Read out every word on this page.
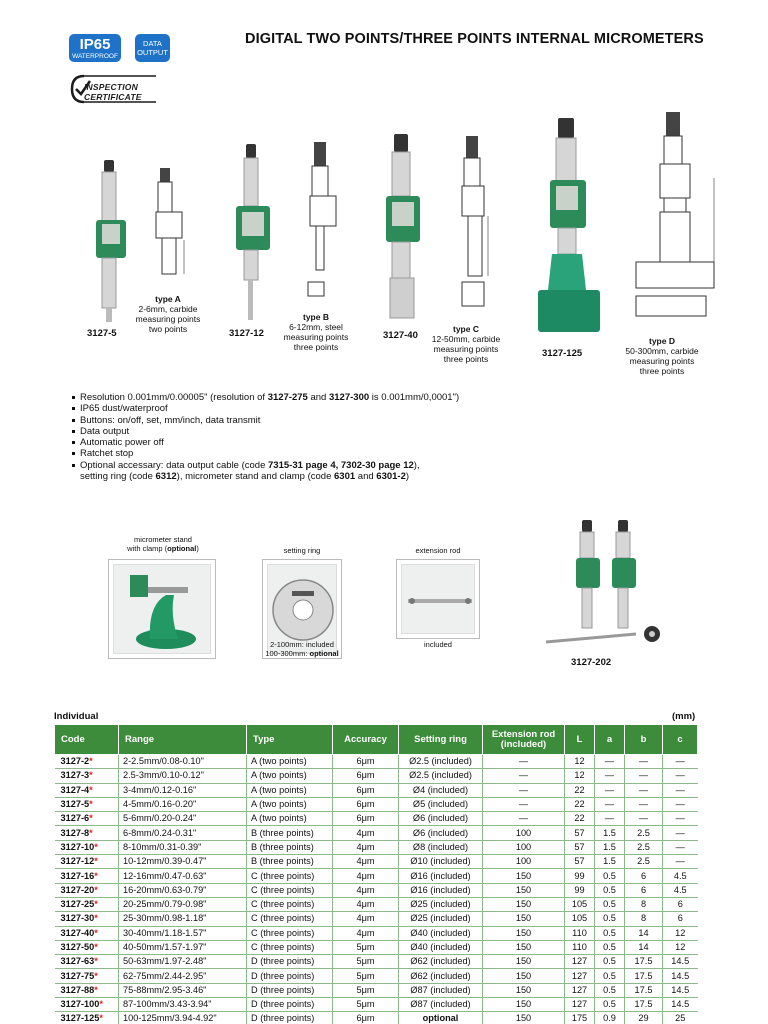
IP65
WATERPROOF
DATA
OUTPUT
INSPECTION
CERTIFICATE
DIGITAL TWO POINTS/THREE POINTS INTERNAL MICROMETERS
type A
2-6mm, carbide
measuring points
two points
3127-5
type B
6-12mm, steel
measuring points
three points
3127-12	type C
12-50mm, carbide
measuring points
three points
3127-40	type D
50-300mm, carbide
measuring points
three points
3127-125
Resolution 0.001mm/0.00005" (resolution of 3127-275 and 3127-300 is 0.001mm/0,0001")
IP65 dust/waterproof
Buttons: on/off, set, mm/inch, data transmit
Data output
Automatic power off
Ratchet stop
Optional accessary: data output cable (code 7315-31 page 4, 7302-30 page 12),
setting ring (code 6312), micrometer stand and clamp (code 6301 and 6301-2)
micrometer stand
with clamp (optional)	setting ring
2-100mm: included
100-300mm: optional
extension rod
included
3127-202
Individual	(mm)
Code	Range	Type	Accuracy	Setting ring	Extension rod (included)	L	a	b	c
3127-2*	2-2.5mm/0.08-0.10"	A (two points)	6μm	Ø2.5 (included)	—	12	—	—	—
3127-3*	2.5-3mm/0.10-0.12"	A (two points)	6μm	Ø2.5 (included)	—	12	—	—	—
3127-4*	3-4mm/0.12-0.16"	A (two points)	6μm	Ø4 (included)	—	22	—	—	—
3127-5*	4-5mm/0.16-0.20"	A (two points)	6μm	Ø5 (included)	—	22	—	—	—
3127-6*	5-6mm/0.20-0.24"	A (two points)	6μm	Ø6 (included)	—	22	—	—	—
3127-8*	6-8mm/0.24-0.31"	B (three points)	4μm	Ø6 (included)	100	57	1.5	2.5	—
3127-10*	8-10mm/0.31-0.39"	B (three points)	4μm	Ø8 (included)	100	57	1.5	2.5	—
3127-12*	10-12mm/0.39-0.47"	B (three points)	4μm	Ø10 (included)	100	57	1.5	2.5	—
3127-16*	12-16mm/0.47-0.63"	C (three points)	4μm	Ø16 (included)	150	99	0.5	6	4.5
3127-20*	16-20mm/0.63-0.79"	C (three points)	4μm	Ø16 (included)	150	99	0.5	6	4.5
3127-25*	20-25mm/0.79-0.98"	C (three points)	4μm	Ø25 (included)	150	105	0.5	8	6
3127-30*	25-30mm/0.98-1.18"	C (three points)	4μm	Ø25 (included)	150	105	0.5	8	6
3127-40*	30-40mm/1.18-1.57"	C (three points)	4μm	Ø40 (included)	150	110	0.5	14	12
3127-50*	40-50mm/1.57-1.97"	C (three points)	5μm	Ø40 (included)	150	110	0.5	14	12
3127-63*	50-63mm/1.97-2.48"	D (three points)	5μm	Ø62 (included)	150	127	0.5	17.5	14.5
3127-75*	62-75mm/2.44-2.95"	D (three points)	5μm	Ø62 (included)	150	127	0.5	17.5	14.5
3127-88*	75-88mm/2.95-3.46"	D (three points)	5μm	Ø87 (included)	150	127	0.5	17.5	14.5
3127-100*	87-100mm/3.43-3.94"	D (three points)	5μm	Ø87 (included)	150	127	0.5	17.5	14.5
3127-125*	100-125mm/3.94-4.92"	D (three points)	6μm	optional	150	175	0.9	29	25
